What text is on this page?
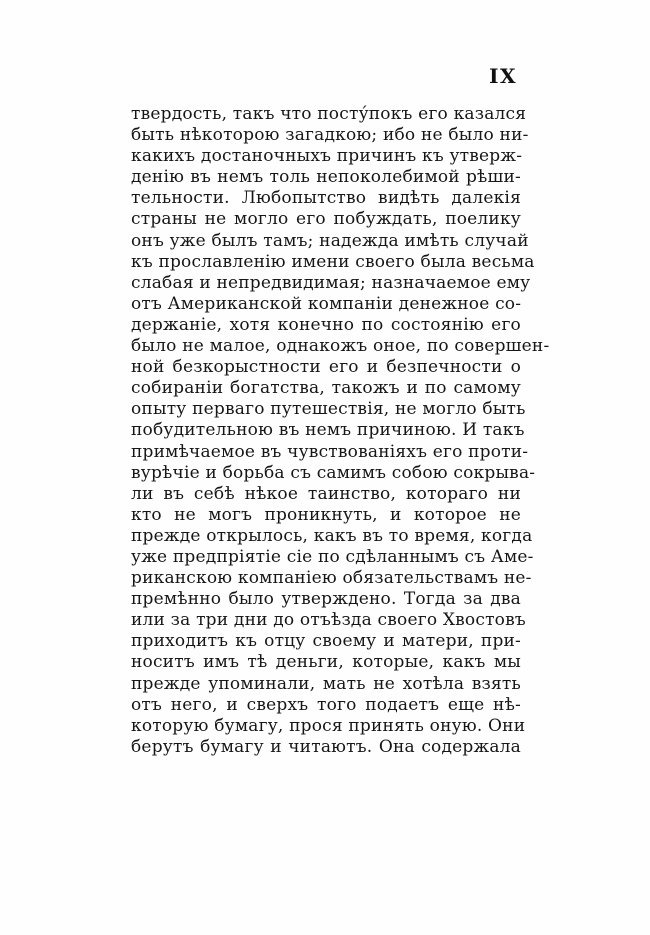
IX
твердость, такъ что посту́покъ его казался
быть нѣкоторою загадкою; ибо не было ни-
какихъ достаночныхъ причинъ къ утверж-
денію въ немъ толь непоколебимой рѣши-
тельности. Любопытство видѣть далекія
страны не могло его побуждать, поелику
онъ уже былъ тамъ; надежда имѣть случай
къ прославленію имени своего была весьма
слабая и непредвидимая; назначаемое ему
отъ Американской компаніи денежное со-
держаніе, хотя конечно по состоянію его
было не малое, однакожъ оное, по совершен-
ной безкорыстности его и безпечности о
собираніи богатства, такожъ и по самому
опыту перваго путешествія, не могло быть
побудительною въ немъ причиною. И такъ
примѣчаемое въ чувствованіяхъ его проти-
вурѣчіе и борьба съ самимъ собою сокрыва-
ли въ себѣ нѣкое таинство, котораго ни
кто не могъ проникнуть, и которое не
прежде открылось, какъ въ то время, когда
уже предпріятіе сіе по сдѣланнымъ съ Аме-
риканскою компаніею обязательствамъ не-
премѣнно было утверждено. Тогда за два
или за три дни до отъѣзда своего Хвостовъ
приходитъ къ отцу своему и матери, при-
носитъ имъ тѣ деньги, которые, какъ мы
прежде упоминали, мать не хотѣла взять
отъ него, и сверхъ того подаетъ еще нѣ-
которую бумагу, прося принять оную. Они
берутъ бумагу и читаютъ. Она содержала
